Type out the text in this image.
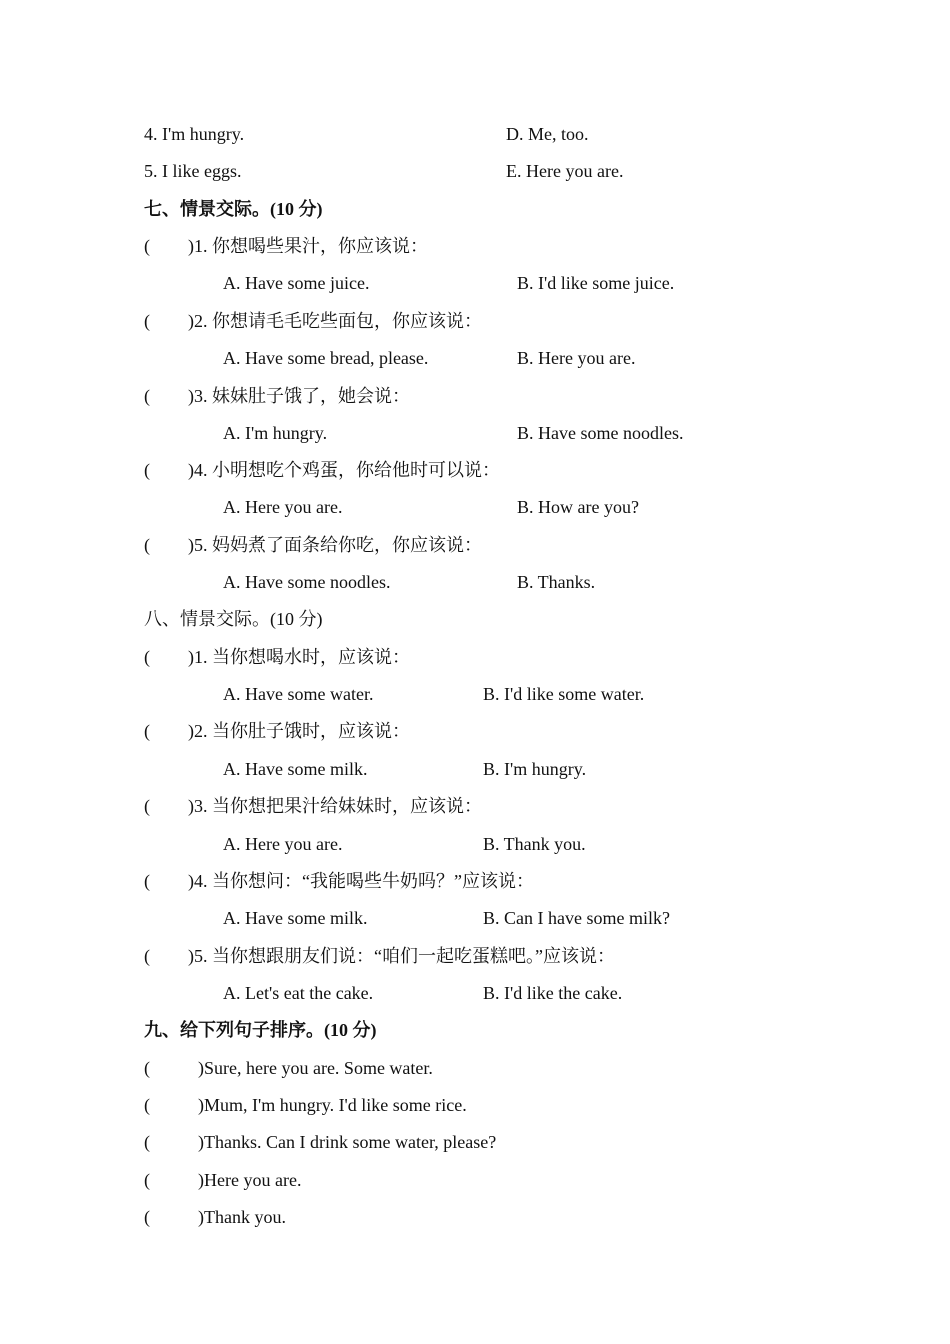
4. I'm hungry.	D. Me, too.
5. I like eggs.	E. Here you are.
七、情景交际。(10 分)
( )1. 你想喝些果汁，你应该说：
A. Have some juice.	B. I'd like some juice.
( )2. 你想请毛毛吃些面包，你应该说：
A. Have some bread, please.	B. Here you are.
( )3. 妹妹肚子饿了，她会说：
A. I'm hungry.	B. Have some noodles.
( )4. 小明想吃个鸡蛋，你给他时可以说：
A. Here you are.	B. How are you?
( )5. 妈妈煮了面条给你吃，你应该说：
A. Have some noodles.	B. Thanks.
八、情景交际。(10 分)
( )1. 当你想喝水时，应该说：
A. Have some water.	B. I'd like some water.
( )2. 当你肚子饿时，应该说：
A. Have some milk.	B. I'm hungry.
( )3. 当你想把果汁给妹妹时，应该说：
A. Here you are.	B. Thank you.
( )4. 当你想问：“我能喝些牛奶吗？”应该说：
A. Have some milk.	B. Can I have some milk?
( )5. 当你想跟朋友们说：“咱们一起吃蛋糕吧。”应该说：
A. Let's eat the cake.	B. I'd like the cake.
九、给下列句子排序。(10 分)
(	)Sure, here you are. Some water.
(	)Mum, I'm hungry. I'd like some rice.
(	)Thanks. Can I drink some water, please?
(	)Here you are.
(	)Thank you.
